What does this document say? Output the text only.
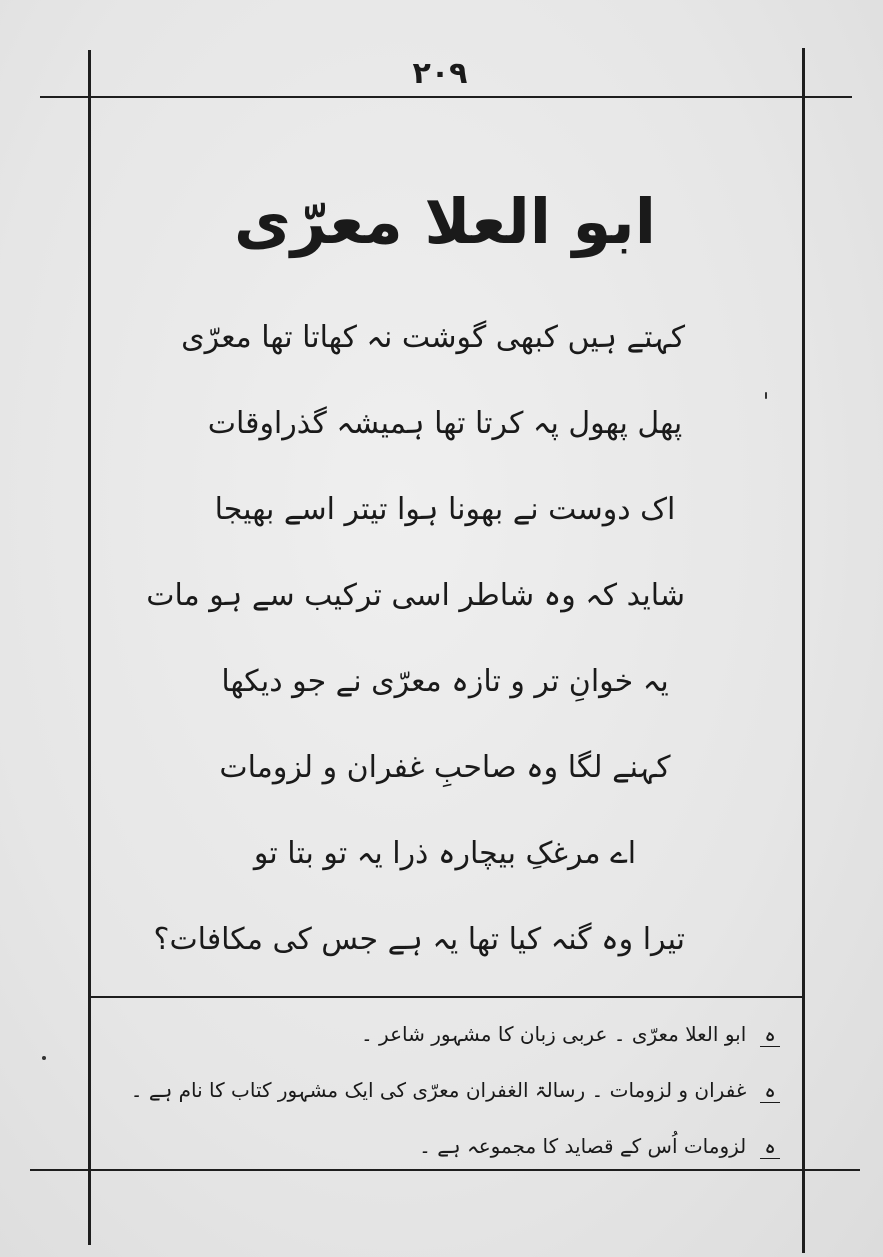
۲۰۹
ابو العلا معرّی
کہتے ہیں کبھی گوشت نہ کھاتا تھا معرّی
پھل پھول پہ کرتا تھا ہمیشہ گذراوقات
اک دوست نے بھونا ہوا تیتر اسے بھیجا
شاید کہ وہ شاطر اسی ترکیب سے ہو مات
یہ خوانِ تر و تازہ معرّی نے جو دیکھا
کہنے لگا وہ صاحبِ غفران و لزومات
اے مرغکِ بیچارہ ذرا یہ تو بتا تو
تیرا وہ گنہ کیا تھا یہ ہے جس کی مکافات؟
ہابو العلا معرّی ۔ عربی زبان کا مشہور شاعر ۔
ہغفران و لزومات ۔ رسالۃ الغفران معرّی کی ایک مشہور کتاب کا نام ہے ۔
ہلزومات اُس کے قصاید کا مجموعہ ہے ۔
